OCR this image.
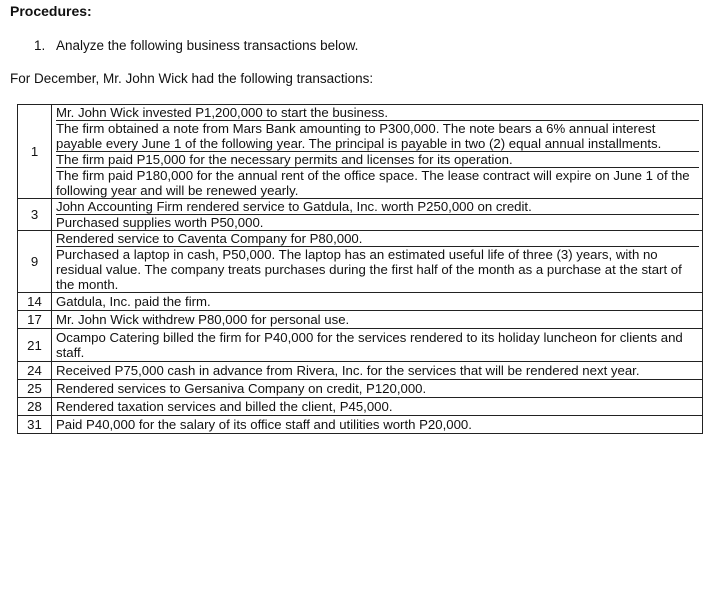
Procedures:
1. Analyze the following business transactions below.
For December, Mr. John Wick had the following transactions:
1	Mr. John Wick invested P1,200,000 to start the business.

	The firm obtained a note from Mars Bank amounting to P300,000. The note bears a 6% annual interest payable every June 1 of the following year. The principal is payable in two (2) equal annual installments.

	The firm paid P15,000 for the necessary permits and licenses for its operation.

	The firm paid P180,000 for the annual rent of the office space. The lease contract will expire on June 1 of the following year and will be renewed yearly.

3	John Accounting Firm rendered service to Gatdula, Inc. worth P250,000 on credit.

	Purchased supplies worth P50,000.

9	Rendered service to Caventa Company for P80,000.

	Purchased a laptop in cash, P50,000. The laptop has an estimated useful life of three (3) years, with no residual value. The company treats purchases during the first half of the month as a purchase at the start of the month.

14	Gatdula, Inc. paid the firm.

17	Mr. John Wick withdrew P80,000 for personal use.

21	Ocampo Catering billed the firm for P40,000 for the services rendered to its holiday luncheon for clients and staff.

24	Received P75,000 cash in advance from Rivera, Inc. for the services that will be rendered next year.

25	Rendered services to Gersaniva Company on credit, P120,000.

28	Rendered taxation services and billed the client, P45,000.

31	Paid P40,000 for the salary of its office staff and utilities worth P20,000.
